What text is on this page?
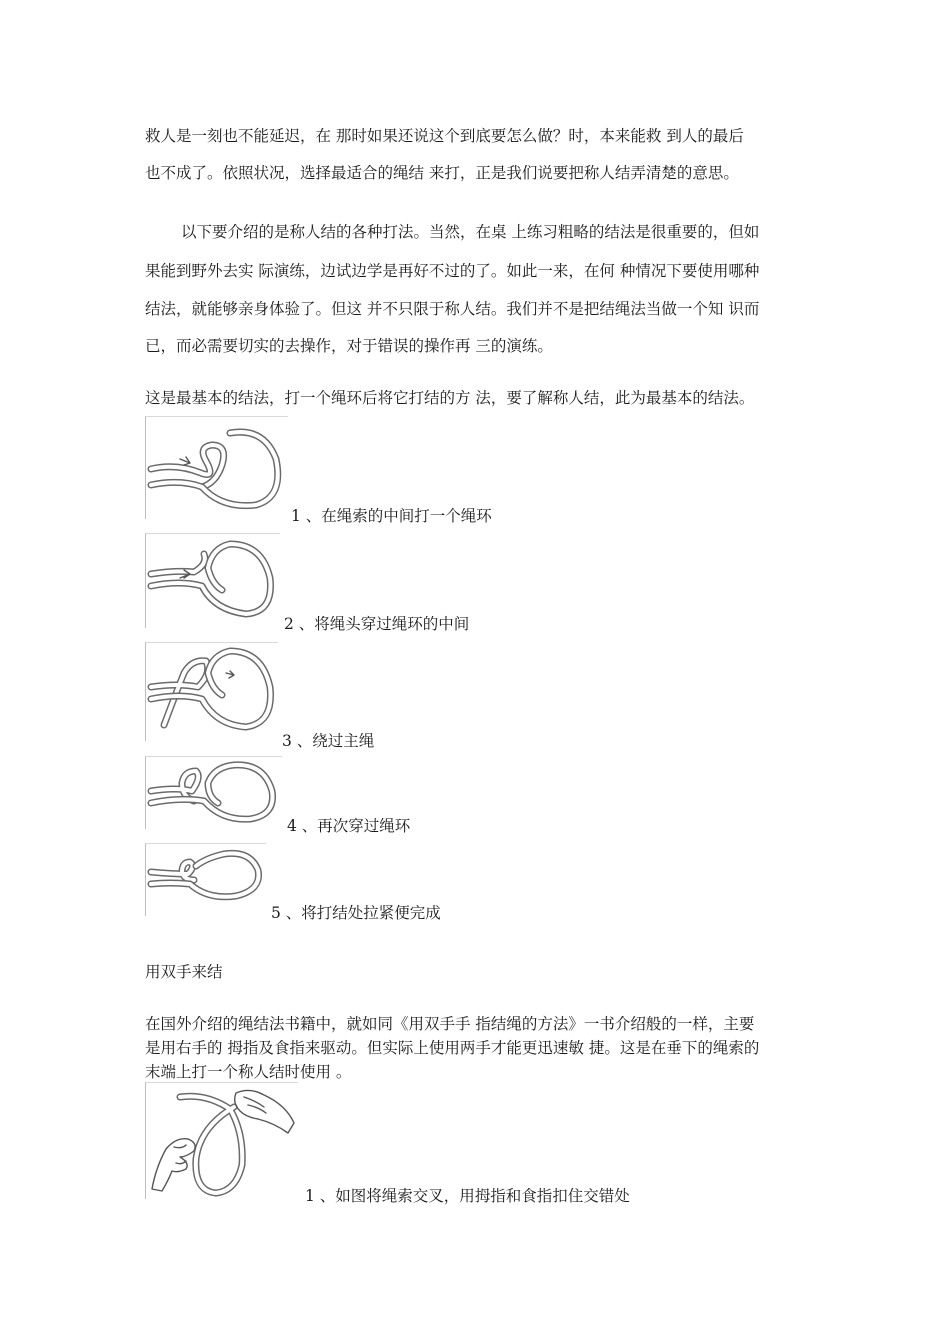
救人是一刻也不能延迟，在 那时如果还说这个到底要怎么做？时，本来能救 到人的最后

也不成了。依照状况，选择最适合的绳结 来打，正是我们说要把称人结弄清楚的意思。

以下要介绍的是称人结的各种打法。当然，在桌 上练习粗略的结法是很重要的，但如

果能到野外去实 际演练，边试边学是再好不过的了。如此一来，在何 种情况下要使用哪种

结法，就能够亲身体验了。但这 并不只限于称人结。我们并不是把结绳法当做一个知 识而

已，而必需要切实的去操作，对于错误的操作再 三的演练。

这是最基本的结法，打一个绳环后将它打结的方 法，要了解称人结，此为最基本的结法。

1 、在绳索的中间打一个绳环
2 、将绳头穿过绳环的中间
3 、绕过主绳
4 、再次穿过绳环
5 、将打结处拉紧便完成

用双手来结

在国外介绍的绳结法书籍中，就如同《用双手手 指结绳的方法》一书介绍般的一样，主要

是用右手的 拇指及食指来驱动。但实际上使用两手才能更迅速敏 捷。这是在垂下的绳索的

末端上打一个称人结时使用 。

1 、如图将绳索交叉，用拇指和食指扣住交错处
